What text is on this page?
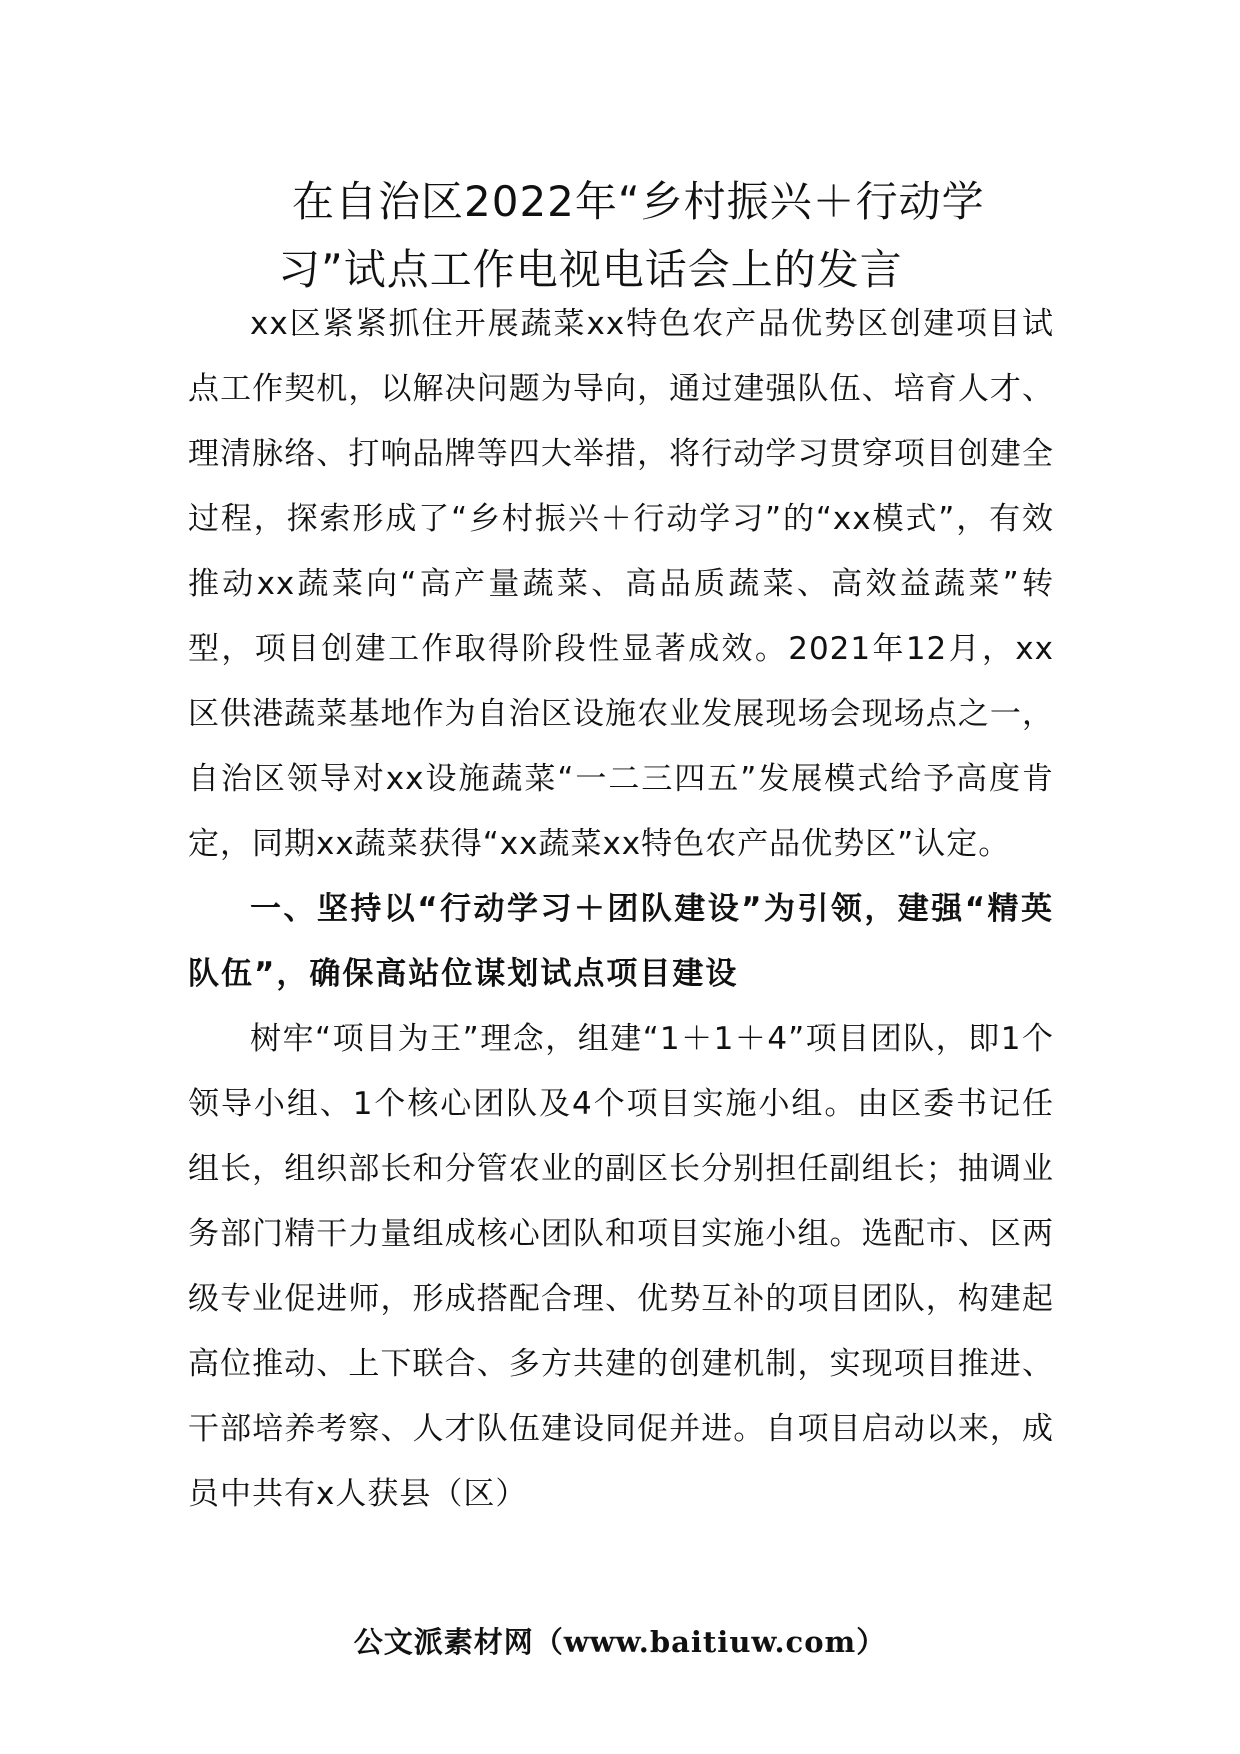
在自治区2022年“乡村振兴＋行动学
习”试点工作电视电话会上的发言

xx区紧紧抓住开展蔬菜xx特色农产品优势区创建项目试点工作契机，以解决问题为导向，通过建强队伍、培育人才、理清脉络、打响品牌等四大举措，将行动学习贯穿项目创建全过程，探索形成了“乡村振兴＋行动学习”的“xx模式”，有效推动xx蔬菜向“高产量蔬菜、高品质蔬菜、高效益蔬菜”转型，项目创建工作取得阶段性显著成效。2021年12月，xx区供港蔬菜基地作为自治区设施农业发展现场会现场点之一，自治区领导对xx设施蔬菜“一二三四五”发展模式给予高度肯定，同期xx蔬菜获得“xx蔬菜xx特色农产品优势区”认定。

一、坚持以“行动学习＋团队建设”为引领，建强“精英队伍”，确保高站位谋划试点项目建设

树牢“项目为王”理念，组建“1＋1＋4”项目团队，即1个领导小组、1个核心团队及4个项目实施小组。由区委书记任组长，组织部长和分管农业的副区长分别担任副组长；抽调业务部门精干力量组成核心团队和项目实施小组。选配市、区两级专业促进师，形成搭配合理、优势互补的项目团队，构建起高位推动、上下联合、多方共建的创建机制，实现项目推进、干部培养考察、人才队伍建设同促并进。自项目启动以来，成员中共有x人获县（区）

公文派素材网（www.baitiuw.com）
